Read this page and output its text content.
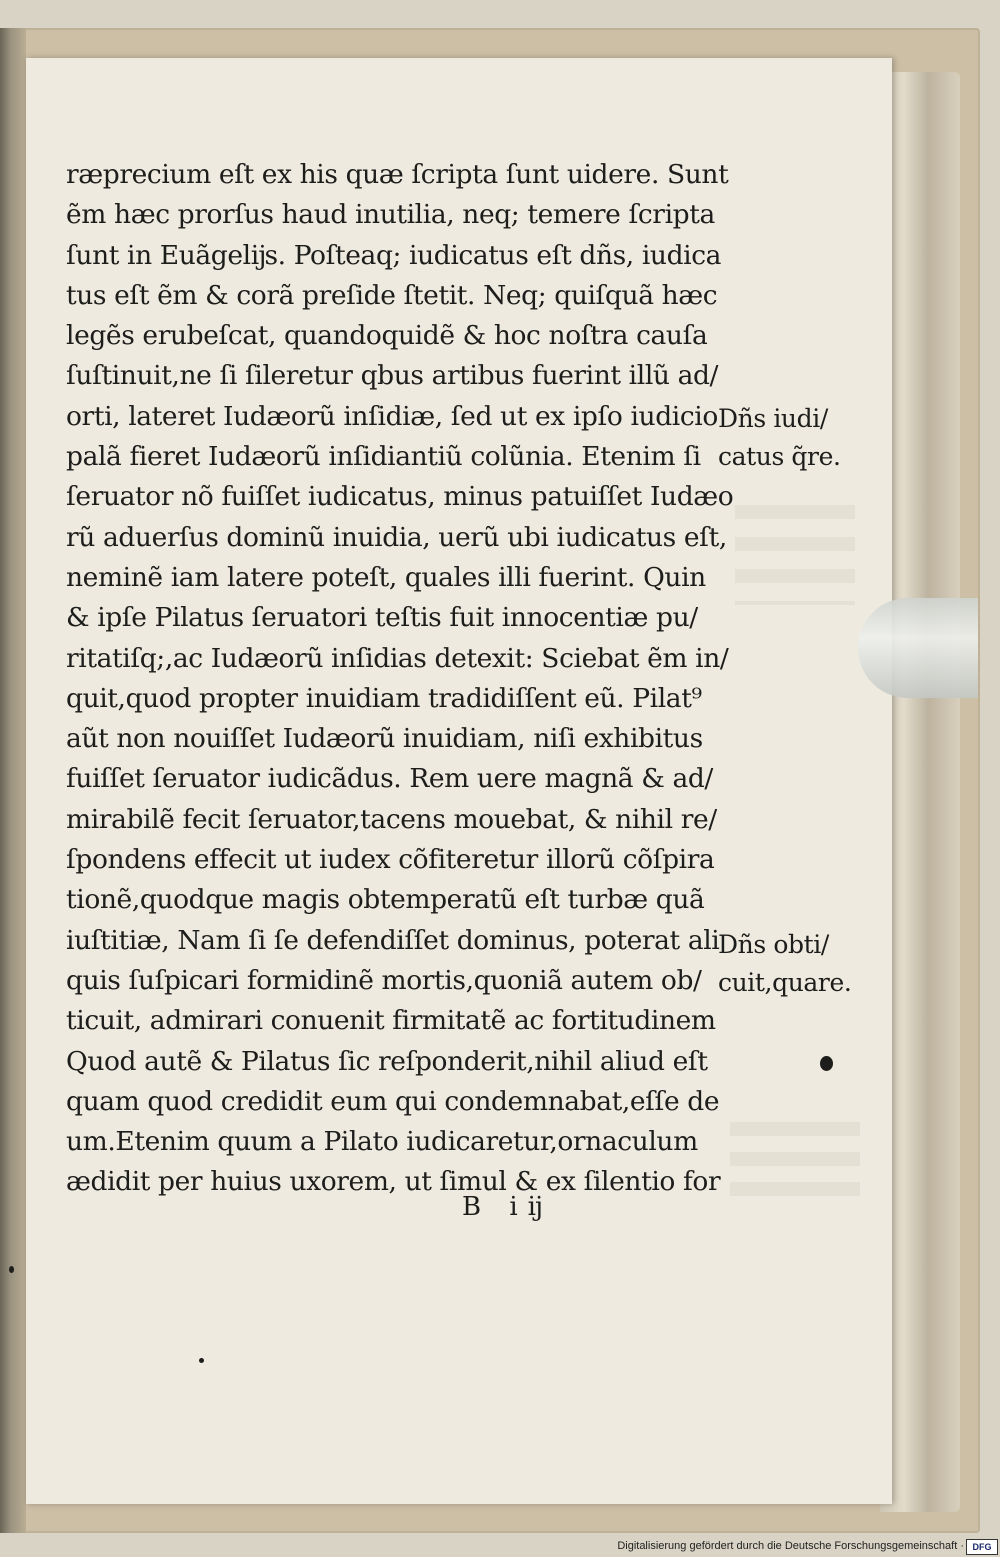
ræprecium eſt ex his quæ ſcripta ſunt uidere. Sunt
ẽm hæc prorſus haud inutilia, neq; temere ſcripta
ſunt in Euãgelĳs. Poſteaq; iudicatus eſt dñs, iudica
tus eſt ẽm & corã preſide ſtetit. Neq; quiſquã hæc
legẽs erubeſcat, quandoquidẽ & hoc noſtra cauſa
ſuſtinuit,ne ſi ſileretur qbus artibus fuerint illũ ad/
orti, lateret Iudæorũ inſidiæ, ſed ut ex ipſo iudicio
palã fieret Iudæorũ inſidiantiũ colũnia. Etenim ſi
ſeruator nõ fuiſſet iudicatus, minus patuiſſet Iudæo
rũ aduerſus dominũ inuidia, uerũ ubi iudicatus eſt,
neminẽ iam latere poteſt, quales illi fuerint. Quin
& ipſe Pilatus ſeruatori teſtis fuit innocentiæ pu/
ritatiſq;,ac Iudæorũ inſidias detexit: Sciebat ẽm in/
quit,quod propter inuidiam tradidiſſent eũ. Pilat⁹
aũt non nouiſſet Iudæorũ inuidiam, niſi exhibitus
fuiſſet ſeruator iudicãdus. Rem uere magnã & ad/
mirabilẽ fecit ſeruator,tacens mouebat, & nihil re/
ſpondens effecit ut iudex cõfiteretur illorũ cõſpira
tionẽ,quodque magis obtemperatũ eſt turbæ quã
iuſtitiæ, Nam ſi ſe defendiſſet dominus, poterat ali
quis ſuſpicari formidinẽ mortis,quoniã autem ob/
ticuit, admirari conuenit firmitatẽ ac fortitudinem
Quod autẽ & Pilatus ſic reſponderit,nihil aliud eſt
quam quod credidit eum qui condemnabat,eſſe de
um.Etenim quum a Pilato iudicaretur,ornaculum
ædidit per huius uxorem, ut ſimul & ex ſilentio for
Dñs iudi/
catus q̃re.
Dñs obti/
cuit,quare.
B iĳ
Digitalisierung gefördert durch die Deutsche Forschungsgemeinschaft · DFG
